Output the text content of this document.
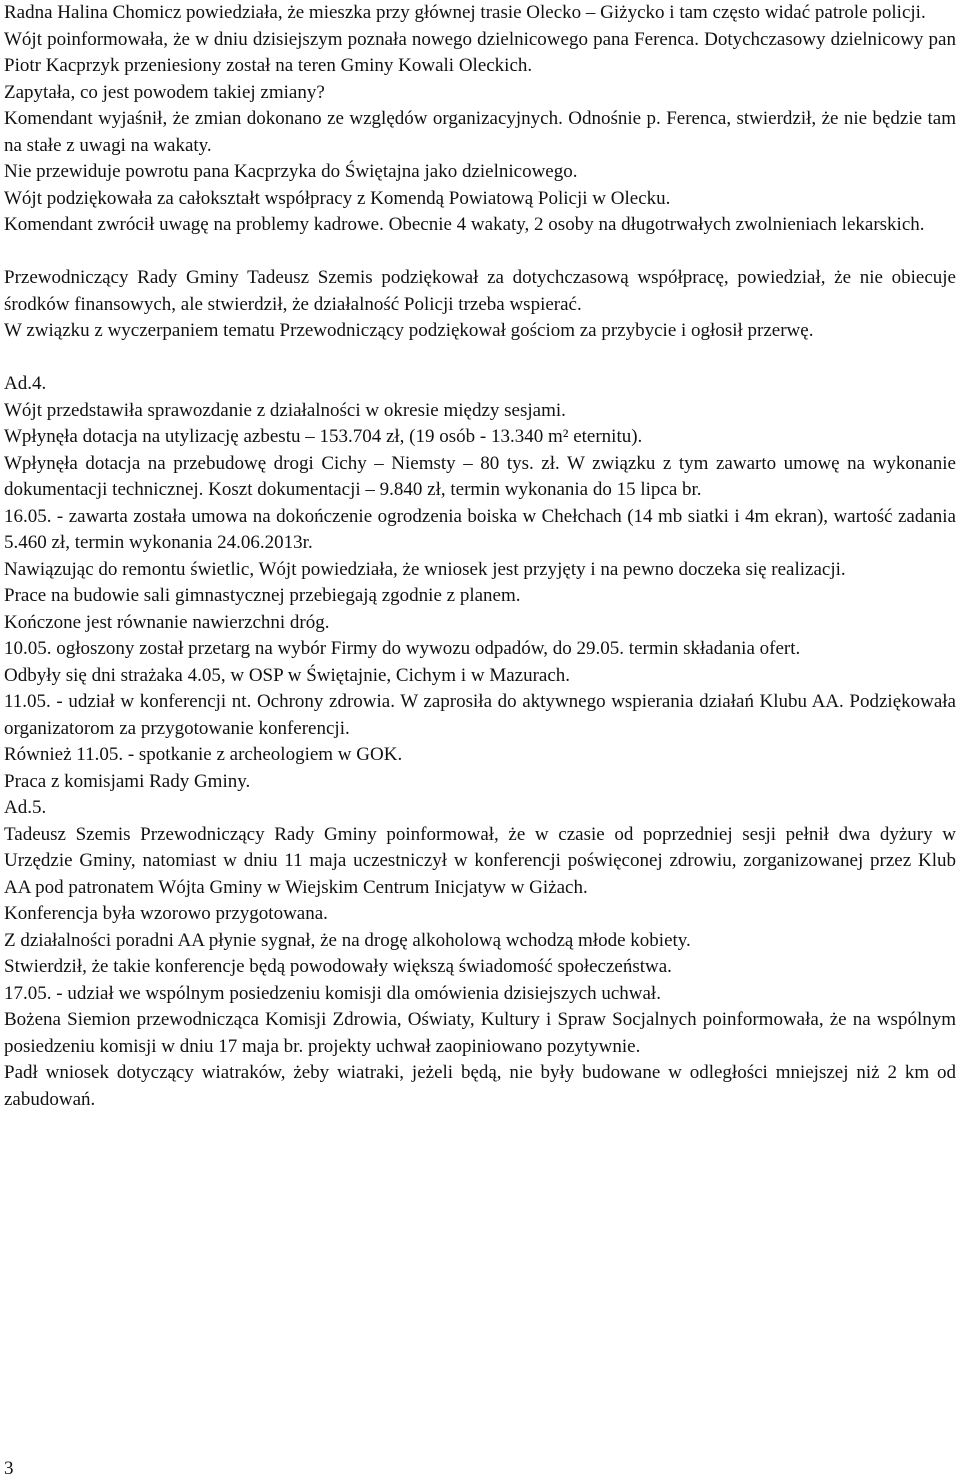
Radna Halina Chomicz powiedziała, że mieszka przy głównej trasie Olecko – Giżycko i tam często widać patrole policji.

Wójt poinformowała, że w dniu dzisiejszym poznała nowego dzielnicowego pana Ferenca. Dotychczasowy dzielnicowy pan Piotr Kacprzyk przeniesiony został na teren Gminy Kowali Oleckich.

Zapytała, co jest powodem takiej zmiany?

Komendant wyjaśnił, że zmian dokonano ze względów organizacyjnych. Odnośnie p. Ferenca, stwierdził, że nie będzie tam na stałe z uwagi na wakaty.

Nie przewiduje powrotu pana Kacprzyka do Świętajna jako dzielnicowego.

Wójt podziękowała za całokształt współpracy z Komendą Powiatową Policji w Olecku.

Komendant zwrócił uwagę na problemy kadrowe. Obecnie 4 wakaty, 2 osoby na długotrwałych zwolnieniach lekarskich.

Przewodniczący Rady Gminy Tadeusz Szemis podziękował za dotychczasową współpracę, powiedział, że nie obiecuje środków finansowych, ale stwierdził, że działalność Policji trzeba wspierać.

W związku z wyczerpaniem tematu Przewodniczący podziękował gościom za przybycie i ogłosił przerwę.

Ad.4.

Wójt przedstawiła sprawozdanie z działalności w okresie między sesjami.

Wpłynęła dotacja na utylizację azbestu – 153.704 zł, (19 osób - 13.340 m² eternitu).

Wpłynęła dotacja na przebudowę drogi Cichy – Niemsty – 80 tys. zł. W związku z tym zawarto umowę na wykonanie dokumentacji technicznej. Koszt dokumentacji – 9.840 zł, termin wykonania do 15 lipca br.

16.05. - zawarta została umowa na dokończenie ogrodzenia boiska w Chełchach (14 mb siatki i 4m ekran), wartość zadania 5.460 zł, termin wykonania 24.06.2013r.

Nawiązując do remontu świetlic, Wójt powiedziała, że wniosek jest przyjęty i na pewno doczeka się realizacji.

Prace na budowie sali gimnastycznej przebiegają zgodnie z planem.

Kończone jest równanie nawierzchni dróg.

10.05. ogłoszony został przetarg na wybór Firmy do wywozu odpadów, do 29.05. termin składania ofert.

Odbyły się dni strażaka 4.05, w OSP w Świętajnie, Cichym i w Mazurach.

11.05. - udział w konferencji nt. Ochrony zdrowia. W zaprosiła do aktywnego wspierania działań Klubu AA. Podziękowała organizatorom za przygotowanie konferencji.

Również 11.05. - spotkanie z archeologiem w GOK.

Praca z komisjami Rady Gminy.

Ad.5.

Tadeusz Szemis Przewodniczący Rady Gminy poinformował, że w czasie od poprzedniej sesji pełnił dwa dyżury w Urzędzie Gminy, natomiast w dniu 11 maja uczestniczył w konferencji poświęconej zdrowiu, zorganizowanej przez Klub AA pod patronatem Wójta Gminy w Wiejskim Centrum Inicjatyw w Giżach.

Konferencja była wzorowo przygotowana.

Z działalności poradni AA płynie sygnał, że na drogę alkoholową wchodzą młode kobiety.

Stwierdził, że takie konferencje będą powodowały większą świadomość społeczeństwa.

17.05. - udział we wspólnym posiedzeniu komisji dla omówienia dzisiejszych uchwał.

Bożena Siemion przewodnicząca Komisji Zdrowia, Oświaty, Kultury i Spraw Socjalnych poinformowała, że na wspólnym posiedzeniu komisji w dniu 17 maja br. projekty uchwał zaopiniowano pozytywnie.

Padł wniosek dotyczący wiatraków, żeby wiatraki, jeżeli będą, nie były budowane w odległości mniejszej niż 2 km od zabudowań.

3
